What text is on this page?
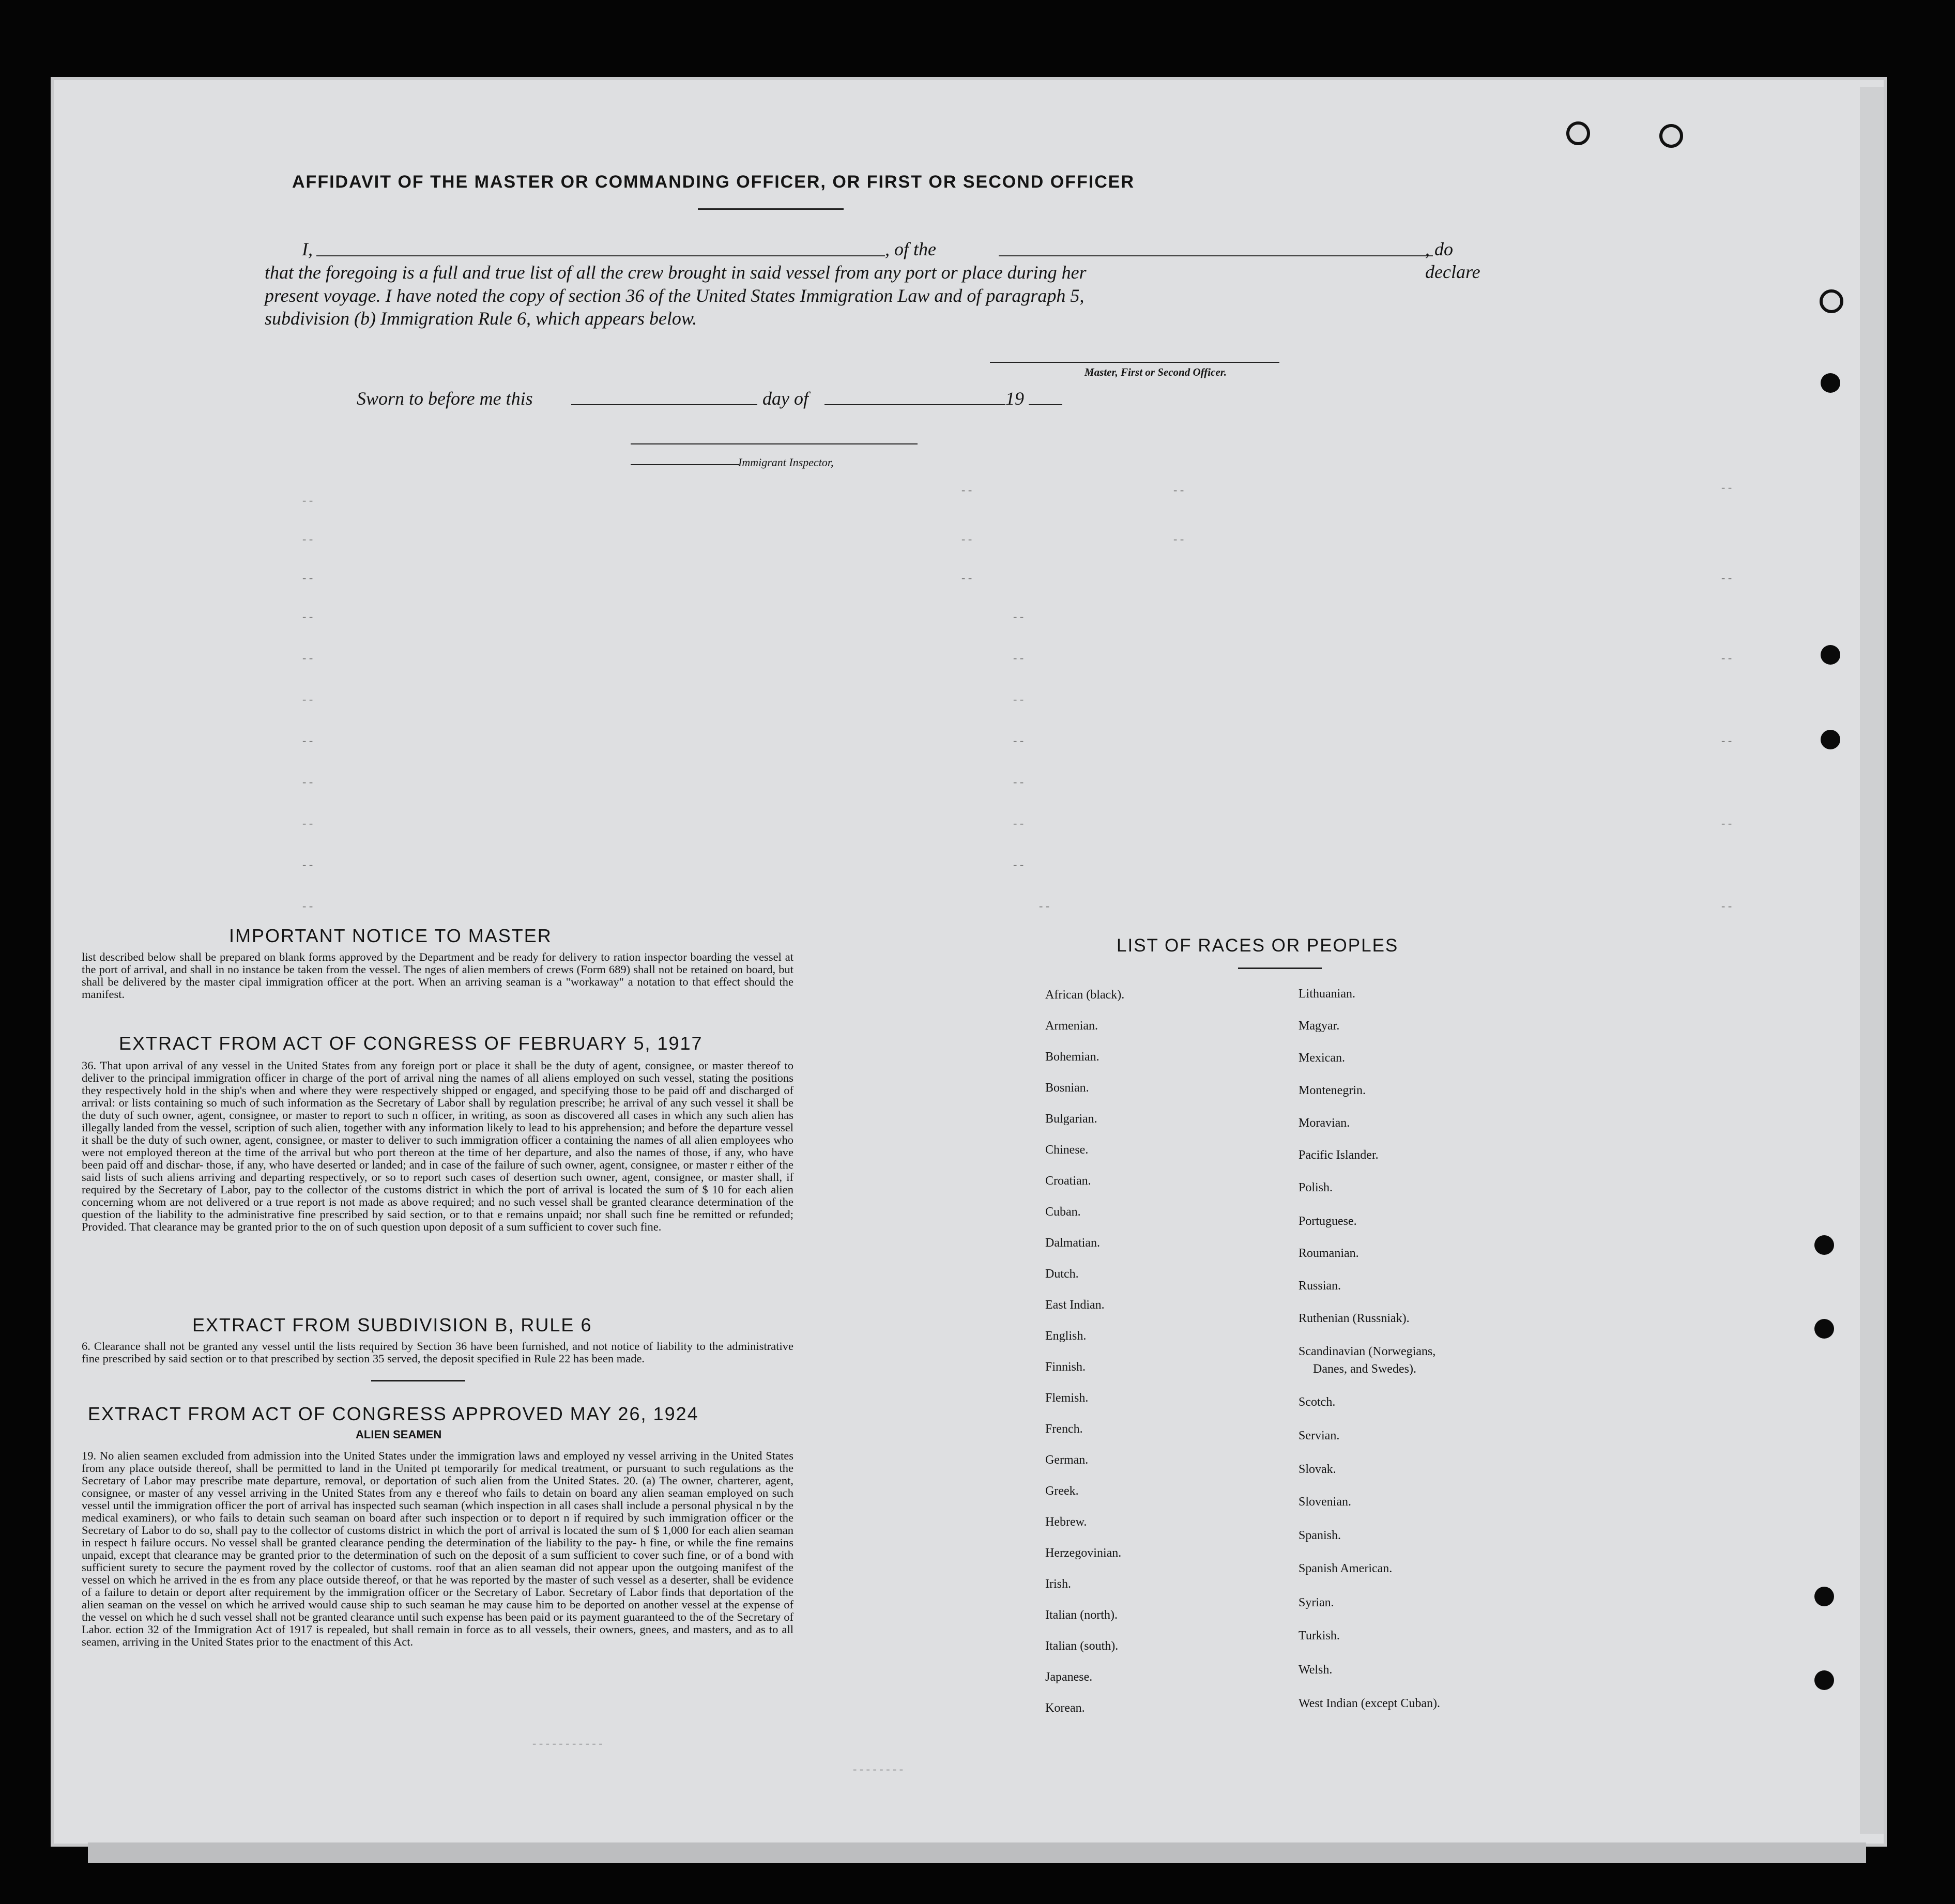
AFFIDAVIT OF THE MASTER OR COMMANDING OFFICER, OR FIRST OR SECOND OFFICER
I,	, of the	, do declare
that the foregoing is a full and true list of all the crew brought in said vessel from any port or place during her
present voyage. I have noted the copy of section 36 of the United States Immigration Law and of paragraph 5,
subdivision (b) Immigration Rule 6, which appears below.
Master, First or Second Officer.
Sworn to before me this	day of	19
Immigrant Inspector,
- -
- -	- -	- -
- -	- -	- -
- -	- -	- -
- -	- -
- -	- -	- -
- -	- -
- -	- -	- -
- -	- -
- -	- -	- -
- -	- -
- -	- -	- -
IMPORTANT NOTICE TO MASTER
list described below shall be prepared on blank forms approved by the Department and be ready for delivery to ration inspector boarding the vessel at the port of arrival, and shall in no instance be taken from the vessel. The nges of alien members of crews (Form 689) shall not be retained on board, but shall be delivered by the master cipal immigration officer at the port. When an arriving seaman is a "workaway" a notation to that effect should the manifest.
EXTRACT FROM ACT OF CONGRESS OF FEBRUARY 5, 1917
36. That upon arrival of any vessel in the United States from any foreign port or place it shall be the duty of agent, consignee, or master thereof to deliver to the principal immigration officer in charge of the port of arrival ning the names of all aliens employed on such vessel, stating the positions they respectively hold in the ship's when and where they were respectively shipped or engaged, and specifying those to be paid off and discharged of arrival: or lists containing so much of such information as the Secretary of Labor shall by regulation prescribe; he arrival of any such vessel it shall be the duty of such owner, agent, consignee, or master to report to such n officer, in writing, as soon as discovered all cases in which any such alien has illegally landed from the vessel, scription of such alien, together with any information likely to lead to his apprehension; and before the departure vessel it shall be the duty of such owner, agent, consignee, or master to deliver to such immigration officer a containing the names of all alien employees who were not employed thereon at the time of the arrival but who port thereon at the time of her departure, and also the names of those, if any, who have been paid off and dischar- those, if any, who have deserted or landed; and in case of the failure of such owner, agent, consignee, or master r either of the said lists of such aliens arriving and departing respectively, or so to report such cases of desertion such owner, agent, consignee, or master shall, if required by the Secretary of Labor, pay to the collector of the customs district in which the port of arrival is located the sum of $ 10 for each alien concerning whom are not delivered or a true report is not made as above required; and no such vessel shall be granted clearance determination of the question of the liability to the administrative fine prescribed by said section, or to that e remains unpaid; nor shall such fine be remitted or refunded; Provided. That clearance may be granted prior to the on of such question upon deposit of a sum sufficient to cover such fine.
EXTRACT FROM SUBDIVISION B, RULE 6
6. Clearance shall not be granted any vessel until the lists required by Section 36 have been furnished, and not notice of liability to the administrative fine prescribed by said section or to that prescribed by section 35 served, the deposit specified in Rule 22 has been made.
EXTRACT FROM ACT OF CONGRESS APPROVED MAY 26, 1924
ALIEN SEAMEN
19. No alien seamen excluded from admission into the United States under the immigration laws and employed ny vessel arriving in the United States from any place outside thereof, shall be permitted to land in the United pt temporarily for medical treatment, or pursuant to such regulations as the Secretary of Labor may prescribe mate departure, removal, or deportation of such alien from the United States. 20. (a) The owner, charterer, agent, consignee, or master of any vessel arriving in the United States from any e thereof who fails to detain on board any alien seaman employed on such vessel until the immigration officer the port of arrival has inspected such seaman (which inspection in all cases shall include a personal physical n by the medical examiners), or who fails to detain such seaman on board after such inspection or to deport n if required by such immigration officer or the Secretary of Labor to do so, shall pay to the collector of customs district in which the port of arrival is located the sum of $ 1,000 for each alien seaman in respect h failure occurs. No vessel shall be granted clearance pending the determination of the liability to the pay- h fine, or while the fine remains unpaid, except that clearance may be granted prior to the determination of such on the deposit of a sum sufficient to cover such fine, or of a bond with sufficient surety to secure the payment roved by the collector of customs. roof that an alien seaman did not appear upon the outgoing manifest of the vessel on which he arrived in the es from any place outside thereof, or that he was reported by the master of such vessel as a deserter, shall be evidence of a failure to detain or deport after requirement by the immigration officer or the Secretary of Labor. Secretary of Labor finds that deportation of the alien seaman on the vessel on which he arrived would cause ship to such seaman he may cause him to be deported on another vessel at the expense of the vessel on which he d such vessel shall not be granted clearance until such expense has been paid or its payment guaranteed to the of the Secretary of Labor. ection 32 of the Immigration Act of 1917 is repealed, but shall remain in force as to all vessels, their owners, gnees, and masters, and as to all seamen, arriving in the United States prior to the enactment of this Act.
- - - - - - - - - - -
- - - - - - - -
LIST OF RACES OR PEOPLES
African (black).
Armenian.
Bohemian.
Bosnian.
Bulgarian.
Chinese.
Croatian.
Cuban.
Dalmatian.
Dutch.
East Indian.
English.
Finnish.
Flemish.
French.
German.
Greek.
Hebrew.
Herzegovinian.
Irish.
Italian (north).
Italian (south).
Japanese.
Korean.
Lithuanian.
Magyar.
Mexican.
Montenegrin.
Moravian.
Pacific Islander.
Polish.
Portuguese.
Roumanian.
Russian.
Ruthenian (Russniak).
Scandinavian (Norwegians,
Danes, and Swedes).
Scotch.
Servian.
Slovak.
Slovenian.
Spanish.
Spanish American.
Syrian.
Turkish.
Welsh.
West Indian (except Cuban).
